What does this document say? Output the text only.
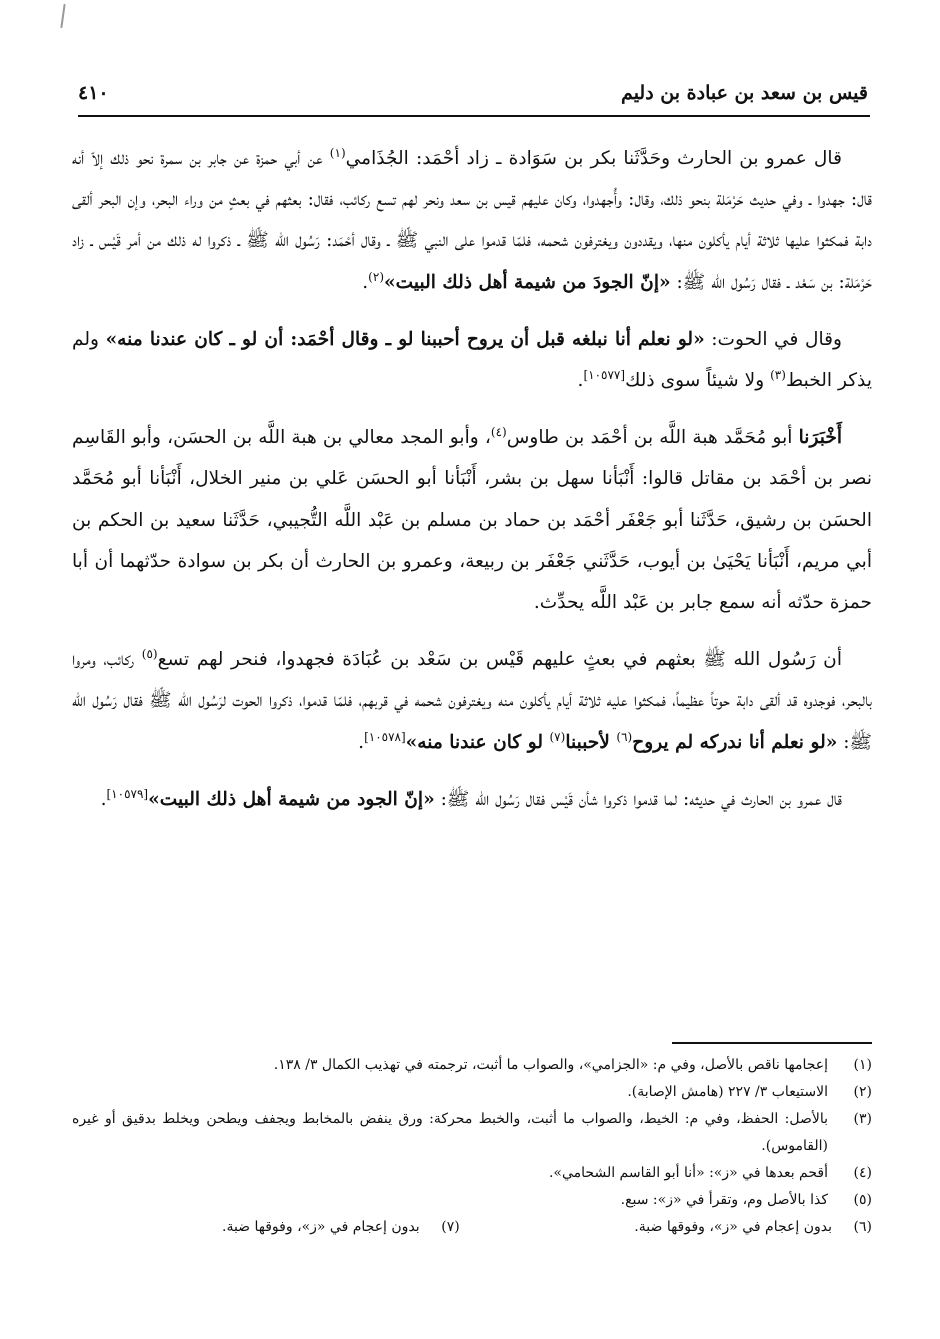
قيس بن سعد بن عبادة بن دليم
٤١٠

قال عمرو بن الحارث وحَدَّثَنا بكر بن سَوَادة ـ زاد أحْمَد: الجُذَامي$^{(١)}$ عن أبي حمزة عن جابر بن سمرة نحو ذلك إلاّ أنه قال: جهدوا ـ وفي حديث حَرْمَلة بنحو ذلك، وقال: وأُجهدوا، وكان عليهم قيس بن سعد ونحر لهم تسع ركائب، فقال: بعثهم في بعثٍ من وراء البحر، وإن البحر ألقى دابة فمكثوا عليها ثلاثة أيام يأكلون منها، ويقددون ويغترفون شحمه، فلمّا قدموا على النبي ﷺ ـ وقال أحْمَد: رَسُول الله ﷺ ـ ذكروا له ذلك من أمر قَيْس ـ زاد حَرْمَلة: بن سَعْد ـ فقال رَسُول الله ﷺ: «إنّ الجودَ من شيمة أهل ذلك البيت»$^{(٢)}$.

وقال في الحوت: «لو نعلم أنا نبلغه قبل أن يروح أحببنا لو ـ وقال أحْمَد: أن لو ـ كان عندنا منه» ولم يذكر الخبط$^{(٣)}$ ولا شيئاً سوى ذلك[١٠٥٧٧].

أَخْبَرَنا أبو مُحَمَّد هبة اللَّه بن أحْمَد بن طاوس$^{(٤)}$، وأبو المجد معالي بن هبة اللَّه بن الحسَن، وأبو القَاسِم نصر بن أحْمَد بن مقاتل قالوا: أَنْبَأنا سهل بن بشر، أَنْبَأنا أبو الحسَن عَلي بن منير الخلال، أَنْبَأنا أبو مُحَمَّد الحسَن بن رشيق، حَدَّثَنا أبو جَعْفَر أحْمَد بن حماد بن مسلم بن عَبْد اللَّه التُّجيبي، حَدَّثَنا سعيد بن الحكم بن أبي مريم، أَنْبَأنا يَحْيَىٰ بن أيوب، حَدَّثَني جَعْفَر بن ربيعة، وعمرو بن الحارث أن بكر بن سوادة حدّثهما أن أبا حمزة حدّثه أنه سمع جابر بن عَبْد اللَّه يحدِّث.

أن رَسُول الله ﷺ بعثهم في بعثٍ عليهم قَيْس بن سَعْد بن عُبَادَة فجهدوا، فنحر لهم تسع$^{(٥)}$ ركائب، ومروا بالبحر، فوجدوه قد ألقى دابة حوتاً عظيماً، فمكثوا عليه ثلاثة أيام يأكلون منه ويغترفون شحمه في قربهم، فلمّا قدموا، ذكروا الحوت لرَسُول الله ﷺ فقال رَسُول الله ﷺ: «لو نعلم أنا ندركه لم يروح$^{(٦)}$ لأحببنا$^{(٧)}$ لو كان عندنا منه»[١٠٥٧٨].

قال عمرو بن الحارث في حديثه: لما قدموا ذكروا شأن قَيْس فقال رَسُول الله ﷺ: «إنّ الجود من شيمة أهل ذلك البيت»[١٠٥٧٩].

(١)
إعجامها ناقص بالأصل، وفي م: «الجزامي»، والصواب ما أثبت، ترجمته في تهذيب الكمال ٣/ ١٣٨.
(٢)
الاستيعاب ٣/ ٢٢٧ (هامش الإصابة).
(٣)
بالأصل: الحفظ، وفي م: الخيط، والصواب ما أثبت، والخبط محركة: ورق ينفض بالمخابط ويجفف ويطحن ويخلط بدقيق أو غيره (القاموس).
(٤)
أقحم بعدها في «ز»: «أنا أبو القاسم الشحامي».
(٥)
كذا بالأصل وم، وتقرأ في «ز»: سبع.
(٦)
بدون إعجام في «ز»، وفوقها ضبة.
(٧)
بدون إعجام في «ز»، وفوقها ضبة.
